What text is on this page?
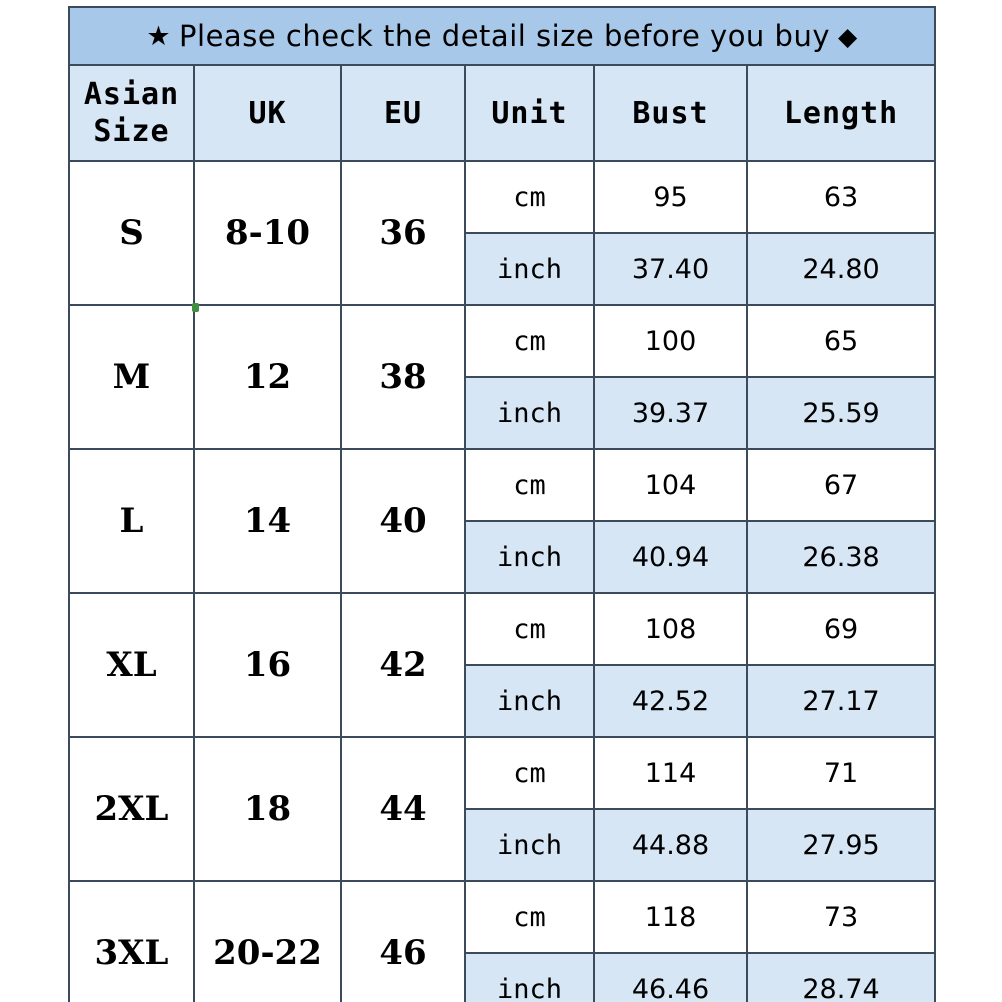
★ Please check the detail size before you buy ◆					

Asian
Size	UK	EU	Unit	Bust	Length
S	8-10	36	cm	95	63
			inch	37.40	24.80
M	12	38	cm	100	65
			inch	39.37	25.59
L	14	40	cm	104	67
			inch	40.94	26.38
XL	16	42	cm	108	69
			inch	42.52	27.17
2XL	18	44	cm	114	71
			inch	44.88	27.95
3XL	20-22	46	cm	118	73
			inch	46.46	28.74
